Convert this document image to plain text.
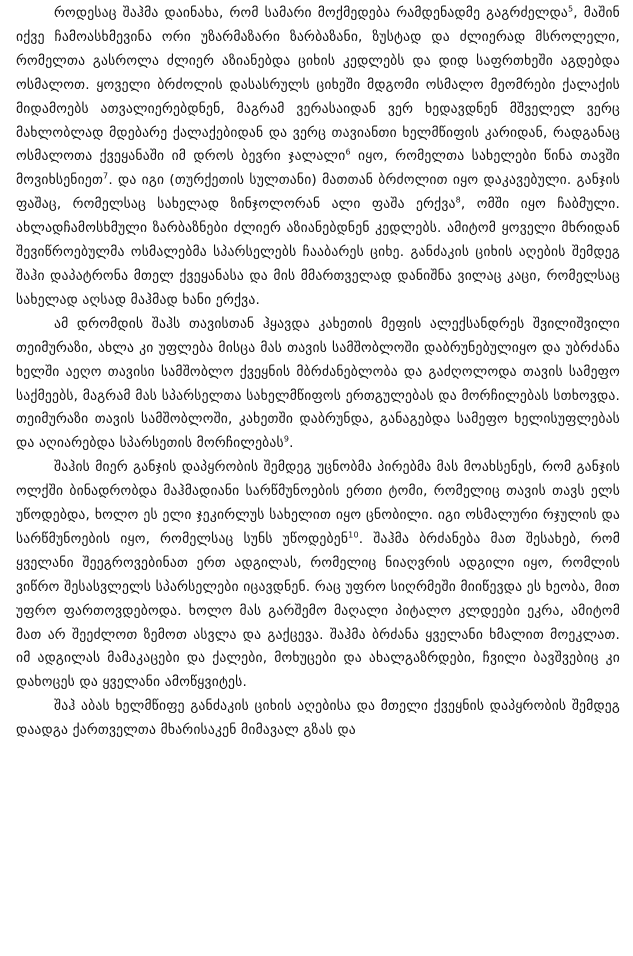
როდესაც შაჰმა დაინახა, რომ სამარი მოქმედება რამდენადმე გაგრძელდა$^5$, მაშინ იქვე ჩამოასხმევინა ორი უზარმაზარი ზარბაზანი, ზუსტად და ძლიერად მსროლელი, რომელთა გასროლა ძლიერ აზიანებდა ციხის კედლებს და დიდ საფრთხეში აგდებდა ოსმალოთ. ყოველი ბრძოლის დასასრულს ციხეში მდგომი ოსმალო მეომრები ქალაქის მიდამოებს ათვალიერებდნენ, მაგრამ ვერასაიდან ვერ ხედავდნენ მშველელ ვერც მახლობლად მდებარე ქალაქებიდან და ვერც თავიანთი ხელმწიფის კარიდან, რადგანაც ოსმალოთა ქვეყანაში იმ დროს ბევრი ჯალალი$^6$ იყო, რომელთა სახელები წინა თავში მოვიხსენიეთ$^7$. და იგი (თურქეთის სულთანი) მათთან ბრძოლით იყო დაკავებული. განჯის ფაშაც, რომელსაც სახელად ზინჯოლორან ალი ფაშა ერქვა$^8$, ომში იყო ჩაბმული. ახლადჩამოსხმული ზარბაზნები ძლიერ აზიანებდნენ კედლებს. ამიტომ ყოველი მხრიდან შევიწროებულმა ოსმალებმა სპარსელებს ჩააბარეს ციხე. განძაკის ციხის აღების შემდეგ შაჰი დაპატრონა მთელ ქვეყანასა და მის მმართველად დანიშნა ვილაც კაცი, რომელსაც სახელად აღსად მაჰმად ხანი ერქვა.

ამ დრომდის შაჰს თავისთან ჰყავდა კახეთის მეფის ალექსანდრეს შვილიშვილი თეიმურაზი, ახლა კი უფლება მისცა მას თავის სამშობლოში დაბრუნებულიყო და უბრძანა ხელში აეღო თავისი სამშობლო ქვეყნის მბრძანებლობა და გაძღოლოდა თავის სამეფო საქმეებს, მაგრამ მას სპარსელთა სახელმწიფოს ერთგულებას და მორჩილებას სთხოვდა. თეიმურაზი თავის სამშობლოში, კახეთში დაბრუნდა, განაგებდა სამეფო ხელისუფლებას და აღიარებდა სპარსეთის მორჩილებას$^9$.

შაჰის მიერ განჯის დაპყრობის შემდეგ უცნობმა პირებმა მას მოახსენეს, რომ განჯის ოლქში ბინადრობდა მაჰმადიანი სარწმუნოების ერთი ტომი, რომელიც თავის თავს ელს უწოდებდა, ხოლო ეს ელი ჯეკირლუს სახელით იყო ცნობილი. იგი ოსმალური რჯულის და სარწმუნოების იყო, რომელსაც სუნს უწოდებენ$^{10}$. შაჰმა ბრძანება მათ შესახებ, რომ ყველანი შეეგროვებინათ ერთ ადგილას, რომელიც ნიაღვრის ადგილი იყო, რომლის ვიწრო შესასვლელს სპარსელები იცავდნენ. რაც უფრო სიღრმეში მიიწევდა ეს ხეობა, მით უფრო ფართოვდებოდა. ხოლო მას გარშემო მაღალი პიტალო კლდეები ეკრა, ამიტომ მათ არ შეეძლოთ ზემოთ ასვლა და გაქცევა. შაჰმა ბრძანა ყველანი ხმალით მოეკლათ. იმ ადგილას მამაკაცები და ქალები, მოხუცები და ახალგაზრდები, ჩვილი ბავშვებიც კი დახოცეს და ყველანი ამოწყვიტეს.

შაჰ აბას ხელმწიფე განძაკის ციხის აღებისა და მთელი ქვეყნის დაპყრობის შემდეგ დაადგა ქართველთა მხარისაკენ მიმავალ გზას და
